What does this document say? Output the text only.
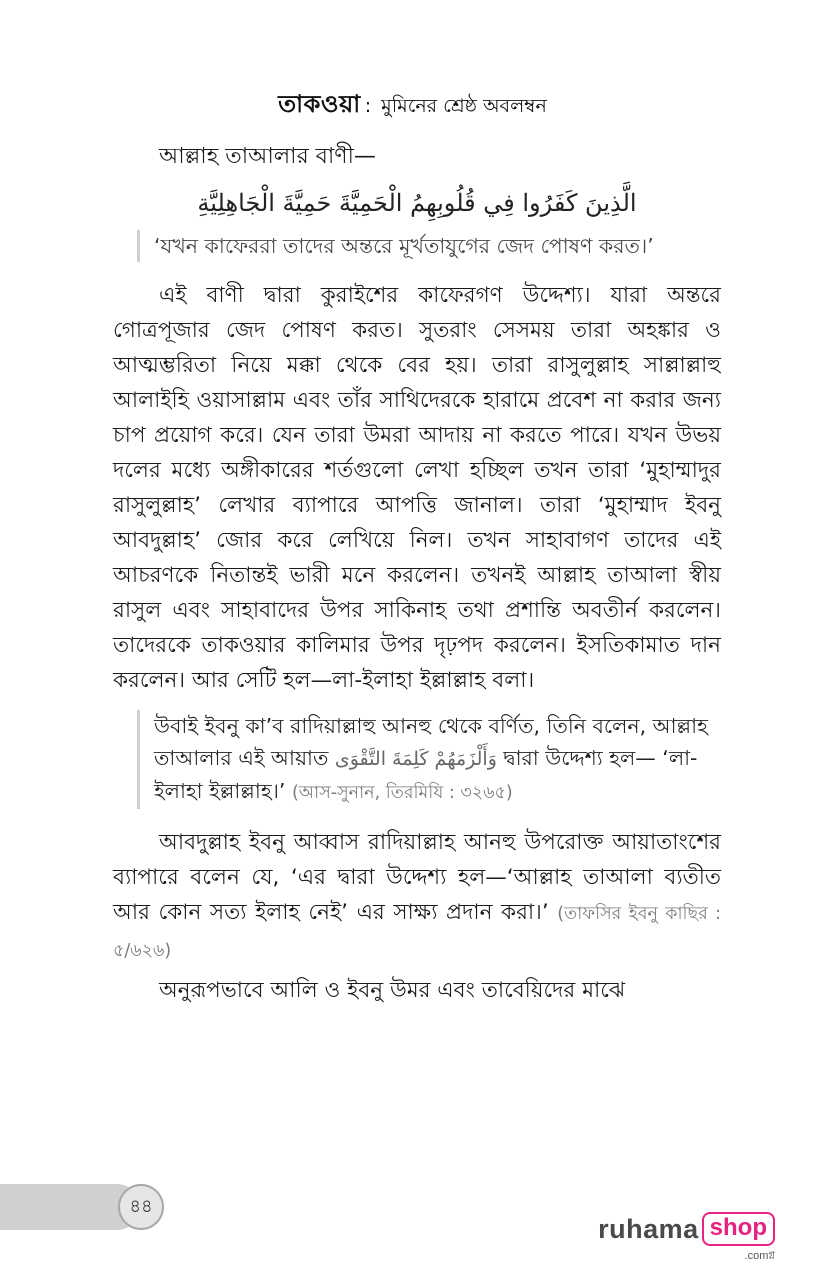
তাকওয়া : মুমিনের শ্রেষ্ঠ অবলম্বন

আল্লাহ তাআলার বাণী—

الَّذِينَ كَفَرُوا فِي قُلُوبِهِمُ الْحَمِيَّةَ حَمِيَّةَ الْجَاهِلِيَّةِ
‘যখন কাফেররা তাদের অন্তরে মূর্খতাযুগের জেদ পোষণ করত।’

এই বাণী দ্বারা কুরাইশের কাফেরগণ উদ্দেশ্য। যারা অন্তরে গোত্রপূজার জেদ পোষণ করত। সুতরাং সেসময় তারা অহঙ্কার ও আত্মম্ভরিতা নিয়ে মক্কা থেকে বের হয়। তারা রাসুলুল্লাহ সাল্লাল্লাহু আলাইহি ওয়াসাল্লাম এবং তাঁর সাথিদেরকে হারামে প্রবেশ না করার জন্য চাপ প্রয়োগ করে। যেন তারা উমরা আদায় না করতে পারে। যখন উভয় দলের মধ্যে অঙ্গীকারের শর্তগুলো লেখা হচ্ছিল তখন তারা ‘মুহাম্মাদুর রাসুলুল্লাহ’ লেখার ব্যাপারে আপত্তি জানাল। তারা ‘মুহাম্মাদ ইবনু আবদুল্লাহ’ জোর করে লেখিয়ে নিল। তখন সাহাবাগণ তাদের এই আচরণকে নিতান্তই ভারী মনে করলেন। তখনই আল্লাহ তাআলা স্বীয় রাসুল এবং সাহাবাদের উপর সাকিনাহ তথা প্রশান্তি অবতীর্ন করলেন। তাদেরকে তাকওয়ার কালিমার উপর দৃঢ়পদ করলেন। ইসতিকামাত দান করলেন। আর সেটি হল—লা-ইলাহা ইল্লাল্লাহ বলা।

উবাই ইবনু কা’ব রাদিয়াল্লাহু আনহু থেকে বর্ণিত, তিনি বলেন, আল্লাহ তাআলার এই আয়াত وَأَلْزَمَهُمْ كَلِمَةَ التَّقْوَى দ্বারা উদ্দেশ্য হল— ‘লা-ইলাহা ইল্লাল্লাহ।’ (আস-সুনান, তিরমিযি : ৩২৬৫)

আবদুল্লাহ ইবনু আব্বাস রাদিয়াল্লাহ আনহু উপরোক্ত আয়াতাংশের ব্যাপারে বলেন যে, ‘এর দ্বারা উদ্দেশ্য হল—‘আল্লাহ তাআলা ব্যতীত আর কোন সত্য ইলাহ নেই’ এর সাক্ষ্য প্রদান করা।’ (তাফসির ইবনু কাছির : ৫/৬২৬)

অনুরূপভাবে আলি ও ইবনু উমর এবং তাবেয়িদের মাঝে

৪৪
ruhama shop
.comগ্ন
